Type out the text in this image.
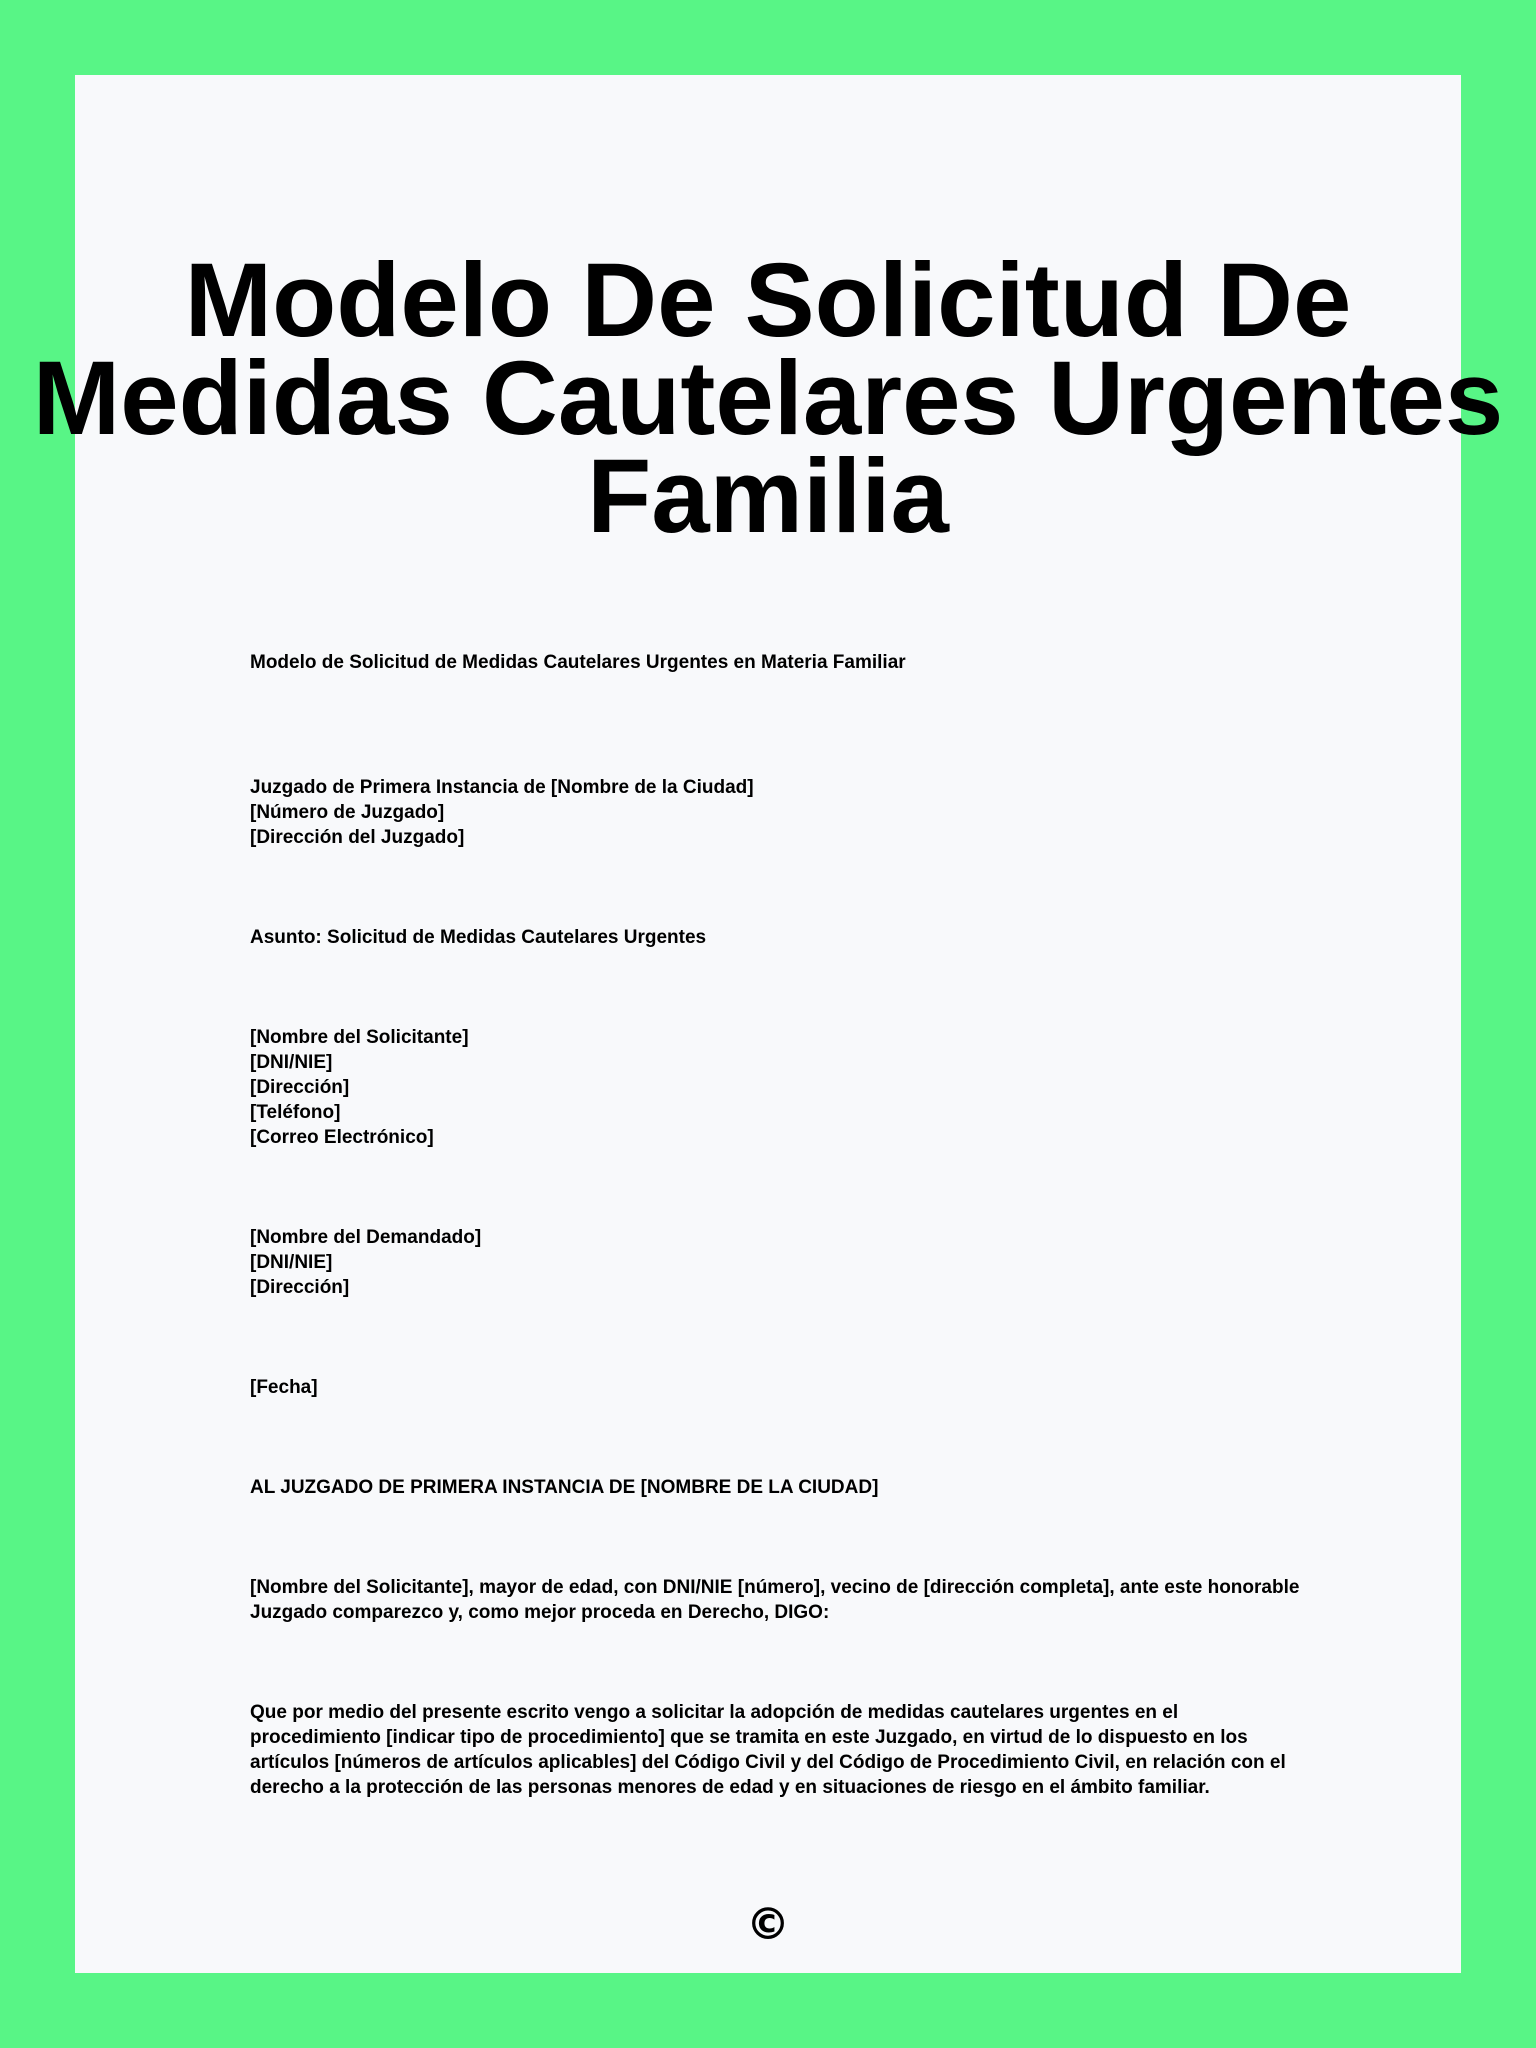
Modelo De Solicitud De Medidas Cautelares Urgentes Familia
Modelo de Solicitud de Medidas Cautelares Urgentes en Materia Familiar
Juzgado de Primera Instancia de [Nombre de la Ciudad]
[Número de Juzgado]
[Dirección del Juzgado]
Asunto: Solicitud de Medidas Cautelares Urgentes
[Nombre del Solicitante]
[DNI/NIE]
[Dirección]
[Teléfono]
[Correo Electrónico]
[Nombre del Demandado]
[DNI/NIE]
[Dirección]
[Fecha]
AL JUZGADO DE PRIMERA INSTANCIA DE [NOMBRE DE LA CIUDAD]
[Nombre del Solicitante], mayor de edad, con DNI/NIE [número], vecino de [dirección completa], ante este honorable Juzgado comparezco y, como mejor proceda en Derecho, DIGO:
Que por medio del presente escrito vengo a solicitar la adopción de medidas cautelares urgentes en el procedimiento [indicar tipo de procedimiento] que se tramita en este Juzgado, en virtud de lo dispuesto en los artículos [números de artículos aplicables] del Código Civil y del Código de Procedimiento Civil, en relación con el derecho a la protección de las personas menores de edad y en situaciones de riesgo en el ámbito familiar.
©
